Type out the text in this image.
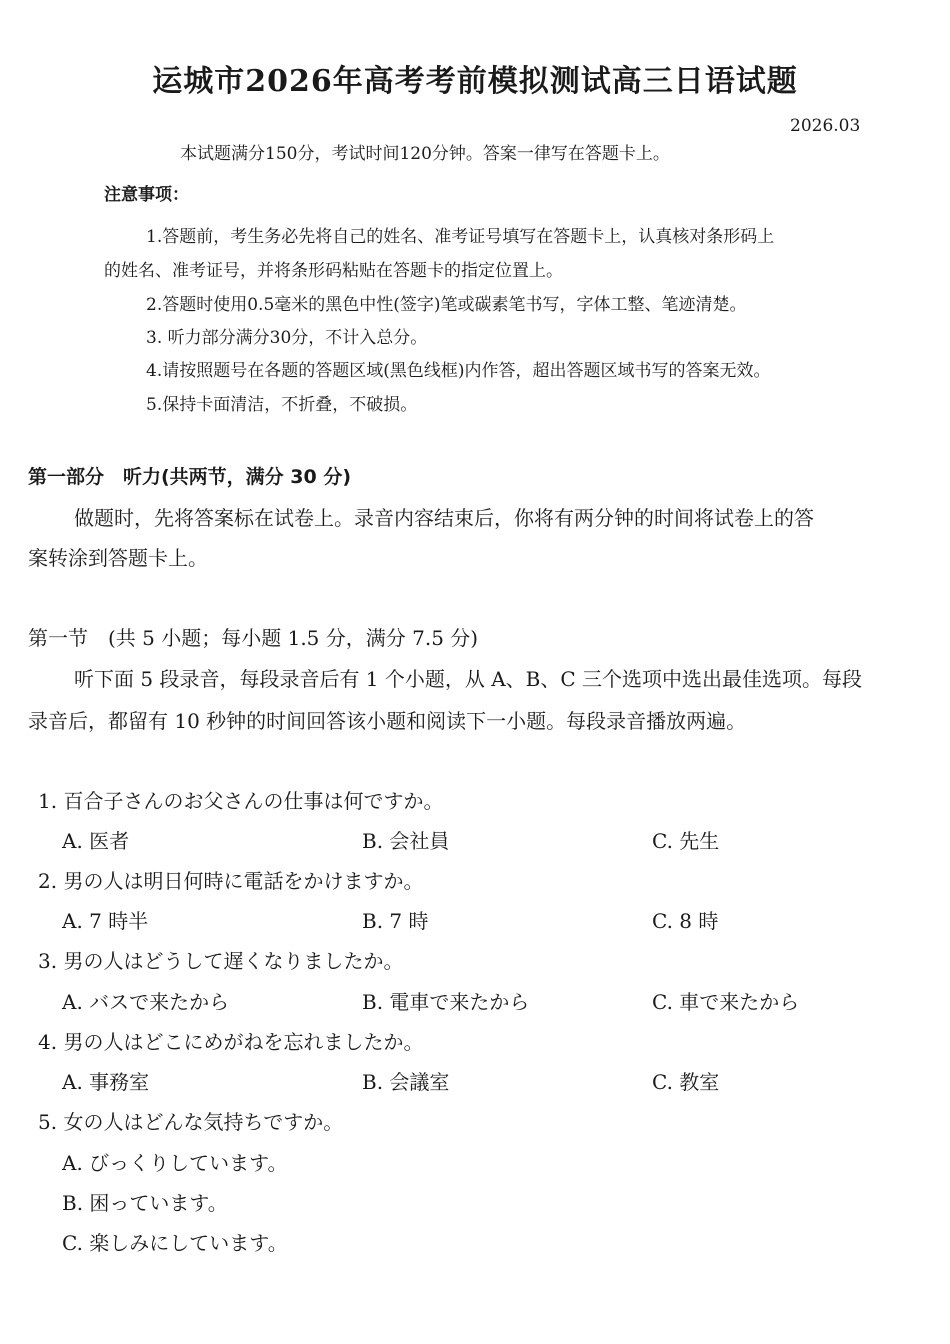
运城市2026年高考考前模拟测试高三日语试题
2026.03
本试题满分150分，考试时间120分钟。答案一律写在答题卡上。
注意事项：
1.答题前，考生务必先将自己的姓名、准考证号填写在答题卡上，认真核对条形码上
的姓名、准考证号，并将条形码粘贴在答题卡的指定位置上。
2.答题时使用0.5毫米的黑色中性(签字)笔或碳素笔书写，字体工整、笔迹清楚。
3. 听力部分满分30分，不计入总分。
4.请按照题号在各题的答题区域(黑色线框)内作答，超出答题区域书写的答案无效。
5.保持卡面清洁，不折叠，不破损。
第一部分　听力(共两节，满分 30 分)
做题时，先将答案标在试卷上。录音内容结束后，你将有两分钟的时间将试卷上的答
案转涂到答题卡上。
第一节　(共 5 小题；每小题 1.5 分，满分 7.5 分)
听下面 5 段录音，每段录音后有 1 个小题，从 A、B、C 三个选项中选出最佳选项。每段
录音后，都留有 10 秒钟的时间回答该小题和阅读下一小题。每段录音播放两遍。
1. 百合子さんのお父さんの仕事は何ですか。
A. 医者	B. 会社員	C. 先生
2. 男の人は明日何時に電話をかけますか。
A. 7 時半	B. 7 時	C. 8 時
3. 男の人はどうして遅くなりましたか。
A. バスで来たから	B. 電車で来たから	C. 車で来たから
4. 男の人はどこにめがねを忘れましたか。
A. 事務室	B. 会議室	C. 教室
5. 女の人はどんな気持ちですか。
A. びっくりしています。
B. 困っています。
C. 楽しみにしています。
